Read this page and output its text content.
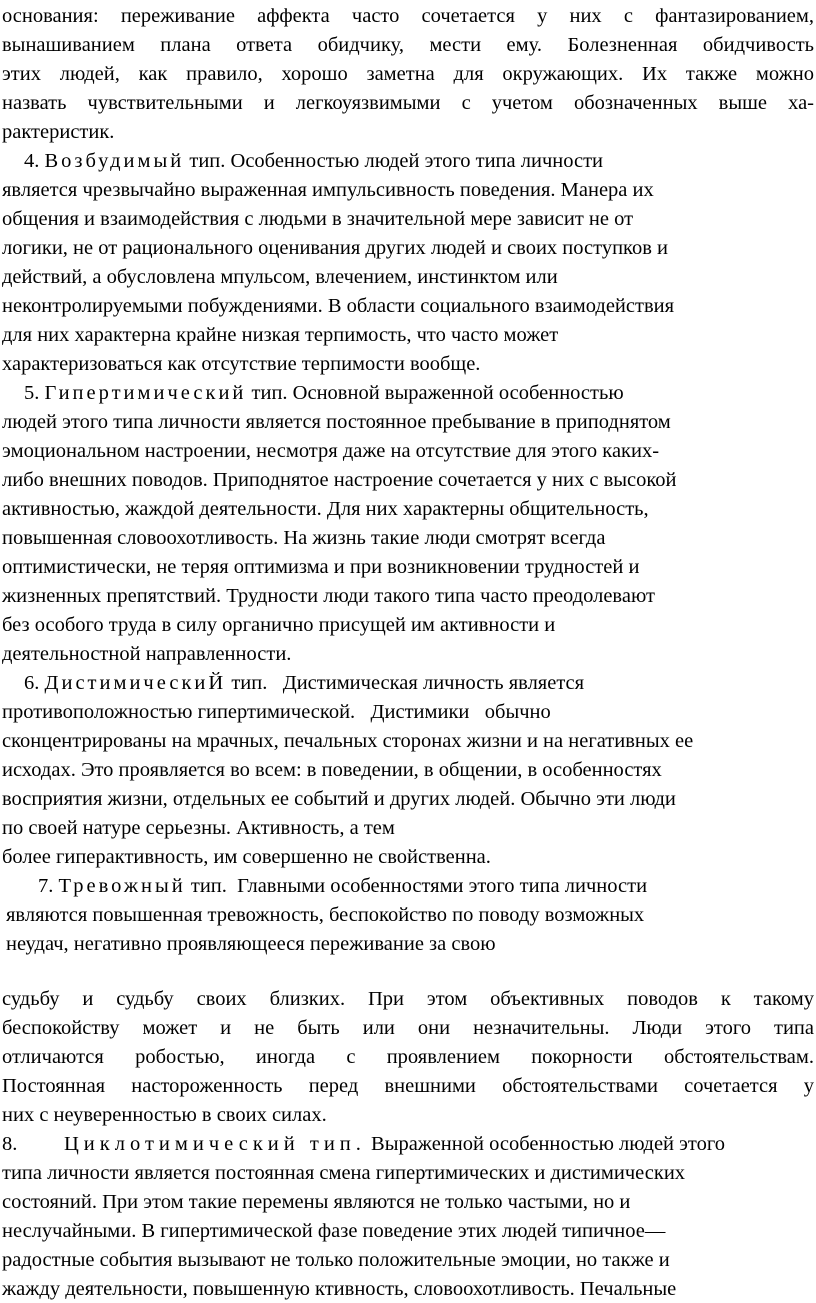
основания: переживание аффекта часто сочетается у них с фантазированием,
вынашиванием плана ответа обидчику, мести ему. Болезненная обидчивость
этих людей, как правило, хорошо заметна для окружающих. Их также можно
назвать чувствительными и легкоуязвимыми с учетом обозначенных выше ха-
рактеристик.
4. Возбудимый тип. Особенностью людей этого типа личности
является чрезвычайно выраженная импульсивность поведения. Манера их
общения и взаимодействия с людьми в значительной мере зависит не от
логики, не от рационального оценивания других людей и своих поступков и
действий, а обусловлена мпульсом, влечением, инстинктом или
неконтролируемыми побуждениями. В области социального взаимодействия
для них характерна крайне низкая терпимость, что часто может
характеризоваться как отсутствие терпимости вообще.
5. Гипертимический тип. Основной выраженной особенностью
людей этого типа личности является постоянное пребывание в приподнятом
эмоциональном настроении, несмотря даже на отсутствие для этого каких-
либо внешних поводов. Приподнятое настроение сочетается у них с высокой
активностью, жаждой деятельности. Для них характерны общительность,
повышенная словоохотливость. На жизнь такие люди смотрят всегда
оптимистически, не теряя оптимизма и при возникновении трудностей и
жизненных препятствий. Трудности люди такого типа часто преодолевают
без особого труда в силу органично присущей им активности и
деятельностной направленности.
6. ДистимическиЙ тип.   Дистимическая личность является
противоположностью гипертимической.   Дистимики   обычно
сконцентрированы на мрачных, печальных сторонах жизни и на негативных ее
исходах. Это проявляется во всем: в поведении, в общении, в особенностях
восприятия жизни, отдельных ее событий и других людей. Обычно эти люди
по своей натуре серьезны. Активность, а тем
более гиперактивность, им совершенно не свойственна.
7. Тревожный тип.  Главными особенностями этого типа личности
являются повышенная тревожность, беспокойство по поводу возможных
неудач, негативно проявляющееся переживание за свою
судьбу и судьбу своих близких. При этом объективных поводов к такому
беспокойству может и не быть или они незначительны. Люди этого типа
отличаются робостью, иногда с проявлением покорности обстоятельствам.
Постоянная настороженность перед внешними обстоятельствами сочетается у
них с неуверенностью в своих силах.
8. Циклотимический тип. Выраженной особенностью людей этого
типа личности является постоянная смена гипертимических и дистимических
состояний. При этом такие перемены являются не только частыми, но и
неслучайными. В гипертимической фазе поведение этих людей типичное—
радостные события вызывают не только положительные эмоции, но также и
жажду деятельности, повышенную ктивность, словоохотливость. Печальные
